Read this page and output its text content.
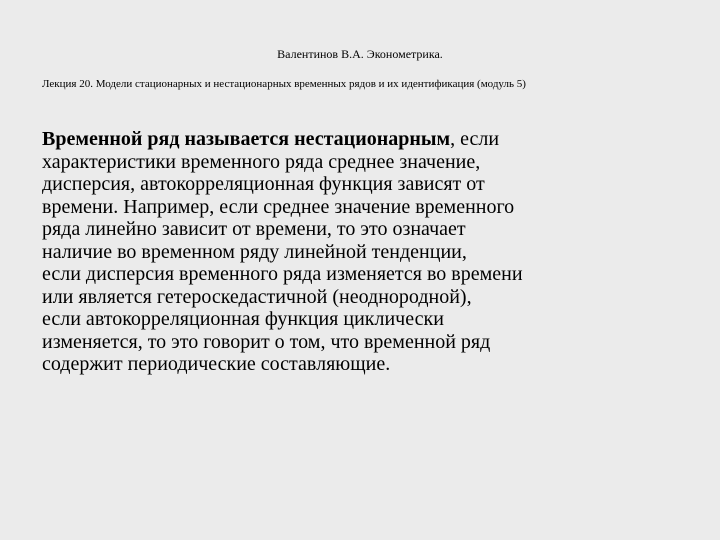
Валентинов В.А. Эконометрика.
Лекция 20. Модели стационарных и нестационарных временных рядов и их идентификация (модуль 5)
Временной ряд называется нестационарным, если
характеристики временного ряда среднее значение,
дисперсия, автокорреляционная функция зависят от
времени. Например, если среднее значение временного
ряда линейно зависит от времени, то это означает
наличие во временном ряду линейной тенденции,
если дисперсия временного ряда изменяется во времени
или является гетероскедастичной (неоднородной),
если автокорреляционная функция циклически
изменяется, то это говорит о том, что временной ряд
содержит периодические составляющие.
